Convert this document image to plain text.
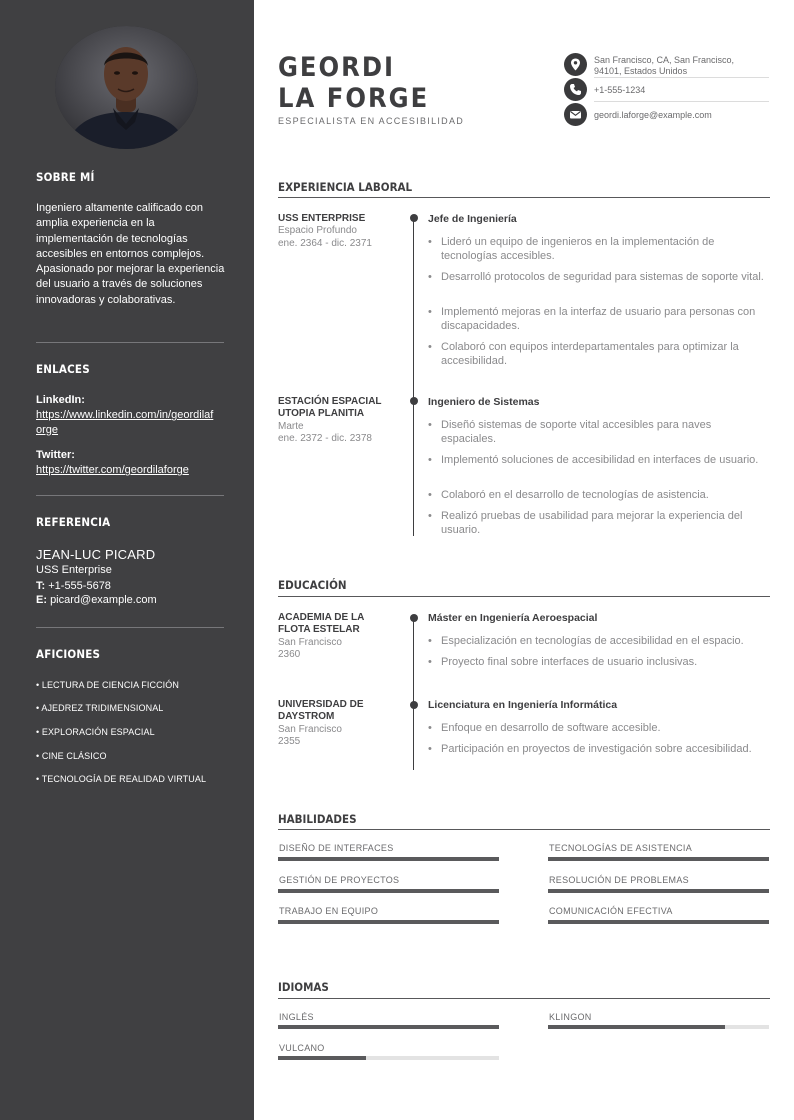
SOBRE MÍ
Ingeniero altamente calificado con amplia experiencia en la implementación de tecnologías accesibles en entornos complejos. Apasionado por mejorar la experiencia del usuario a través de soluciones innovadoras y colaborativas.
ENLACES
LinkedIn:
https://www.linkedin.com/in/geordilaforge
Twitter:
https://twitter.com/geordilaforge
REFERENCIA
JEAN-LUC PICARD
USS Enterprise
T: +1-555-5678
E: picard@example.com
AFICIONES
• LECTURA DE CIENCIA FICCIÓN
• AJEDREZ TRIDIMENSIONAL
• EXPLORACIÓN ESPACIAL
• CINE CLÁSICO
• TECNOLOGÍA DE REALIDAD VIRTUAL
GEORDI
LA FORGE
ESPECIALISTA EN ACCESIBILIDAD
San Francisco, CA, San Francisco, 94101, Estados Unidos
+1-555-1234
geordi.laforge@example.com
EXPERIENCIA LABORAL
USS ENTERPRISE
Espacio Profundo
ene. 2364 - dic. 2371
Jefe de Ingeniería
• Lideró un equipo de ingenieros en la implementación de tecnologías accesibles.
• Desarrolló protocolos de seguridad para sistemas de soporte vital.
• Implementó mejoras en la interfaz de usuario para personas con discapacidades.
• Colaboró con equipos interdepartamentales para optimizar la accesibilidad.
ESTACIÓN ESPACIAL UTOPIA PLANITIA
Marte
ene. 2372 - dic. 2378
Ingeniero de Sistemas
• Diseñó sistemas de soporte vital accesibles para naves espaciales.
• Implementó soluciones de accesibilidad en interfaces de usuario.
• Colaboró en el desarrollo de tecnologías de asistencia.
• Realizó pruebas de usabilidad para mejorar la experiencia del usuario.
EDUCACIÓN
ACADEMIA DE LA FLOTA ESTELAR
San Francisco
2360
Máster en Ingeniería Aeroespacial
• Especialización en tecnologías de accesibilidad en el espacio.
• Proyecto final sobre interfaces de usuario inclusivas.
UNIVERSIDAD DE DAYSTROM
San Francisco
2355
Licenciatura en Ingeniería Informática
• Enfoque en desarrollo de software accesible.
• Participación en proyectos de investigación sobre accesibilidad.
HABILIDADES
DISEÑO DE INTERFACES	TECNOLOGÍAS DE ASISTENCIA
GESTIÓN DE PROYECTOS	RESOLUCIÓN DE PROBLEMAS
TRABAJO EN EQUIPO	COMUNICACIÓN EFECTIVA
IDIOMAS
INGLÉS	KLINGON
VULCANO
